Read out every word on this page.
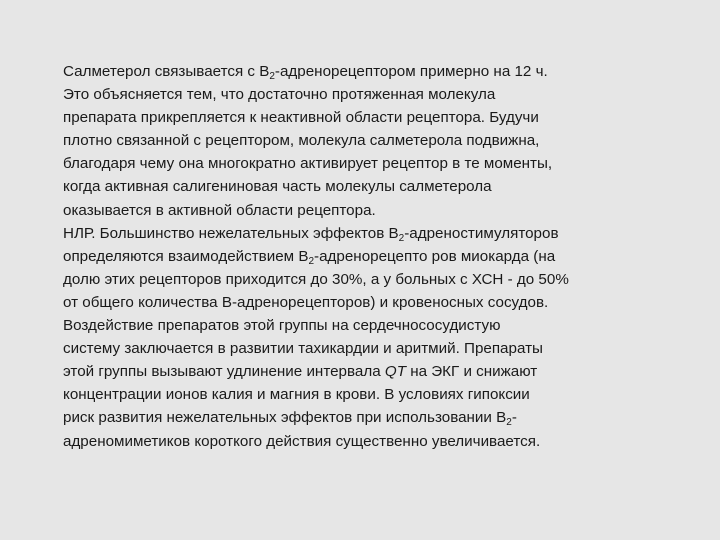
Салметерол связывается с $В_2$-адренорецептором примерно на 12 ч.
Это объясняется тем, что достаточно протяженная молекула
препарата прикрепляется к неактивной области рецептора. Будучи
плотно связанной с рецептором, молекула салметерола подвижна,
благодаря чему она многократно активирует рецептор в те моменты,
когда активная салигениновая часть молекулы салметерола
оказывается в активной области рецептора.
НЛР. Большинство нежелательных эффектов $В_2$-адреностимуляторов
определяются взаимодействием $В_2$-адренорецепто ров миокарда (на
долю этих рецепторов приходится до 30%, а у больных с ХСН - до 50%
от общего количества В-адренорецепторов) и кровеносных сосудов.
Воздействие препаратов этой группы на сердечнососудистую
систему заключается в развитии тахикардии и аритмий. Препараты
этой группы вызывают удлинение интервала QT на ЭКГ и снижают
концентрации ионов калия и магния в крови. В условиях гипоксии
риск развития нежелательных эффектов при использовании $В_2-$
адреномиметиков короткого действия существенно увеличивается.
